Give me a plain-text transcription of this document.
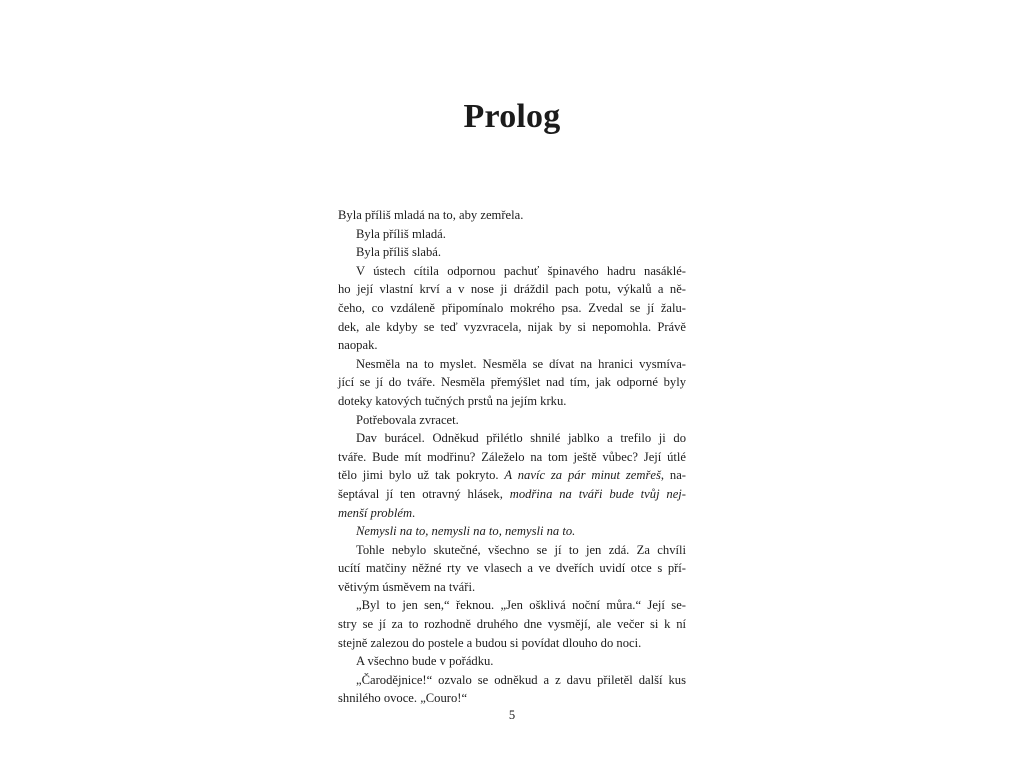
Prolog
Byla příliš mladá na to, aby zemřela.
Byla příliš mladá.
Byla příliš slabá.
V ústech cítila odpornou pachuť špinavého hadru nasáklé-
ho její vlastní krví a v nose ji dráždil pach potu, výkalů a ně-
čeho, co vzdáleně připomínalo mokrého psa. Zvedal se jí žalu-
dek, ale kdyby se teď vyzvracela, nijak by si nepomohla. Právě
naopak.
Nesměla na to myslet. Nesměla se dívat na hranici vysmíva-
jící se jí do tváře. Nesměla přemýšlet nad tím, jak odporné byly
doteky katových tučných prstů na jejím krku.
Potřebovala zvracet.
Dav burácel. Odněkud přilétlo shnilé jablko a trefilo ji do
tváře. Bude mít modřinu? Záleželo na tom ještě vůbec? Její útlé
tělo jimi bylo už tak pokryto. A navíc za pár minut zemřeš, na-
šeptával jí ten otravný hlásek, modřina na tváři bude tvůj nej-
menší problém.
Nemysli na to, nemysli na to, nemysli na to.
Tohle nebylo skutečné, všechno se jí to jen zdá. Za chvíli
ucítí matčiny něžné rty ve vlasech a ve dveřích uvidí otce s pří-
větivým úsměvem na tváři.
„Byl to jen sen,“ řeknou. „Jen ošklivá noční můra.“ Její se-
stry se jí za to rozhodně druhého dne vysmějí, ale večer si k ní
stejně zalezou do postele a budou si povídat dlouho do noci.
A všechno bude v pořádku.
„Čarodějnice!“ ozvalo se odněkud a z davu přiletěl další kus
shnilého ovoce. „Couro!“
5
